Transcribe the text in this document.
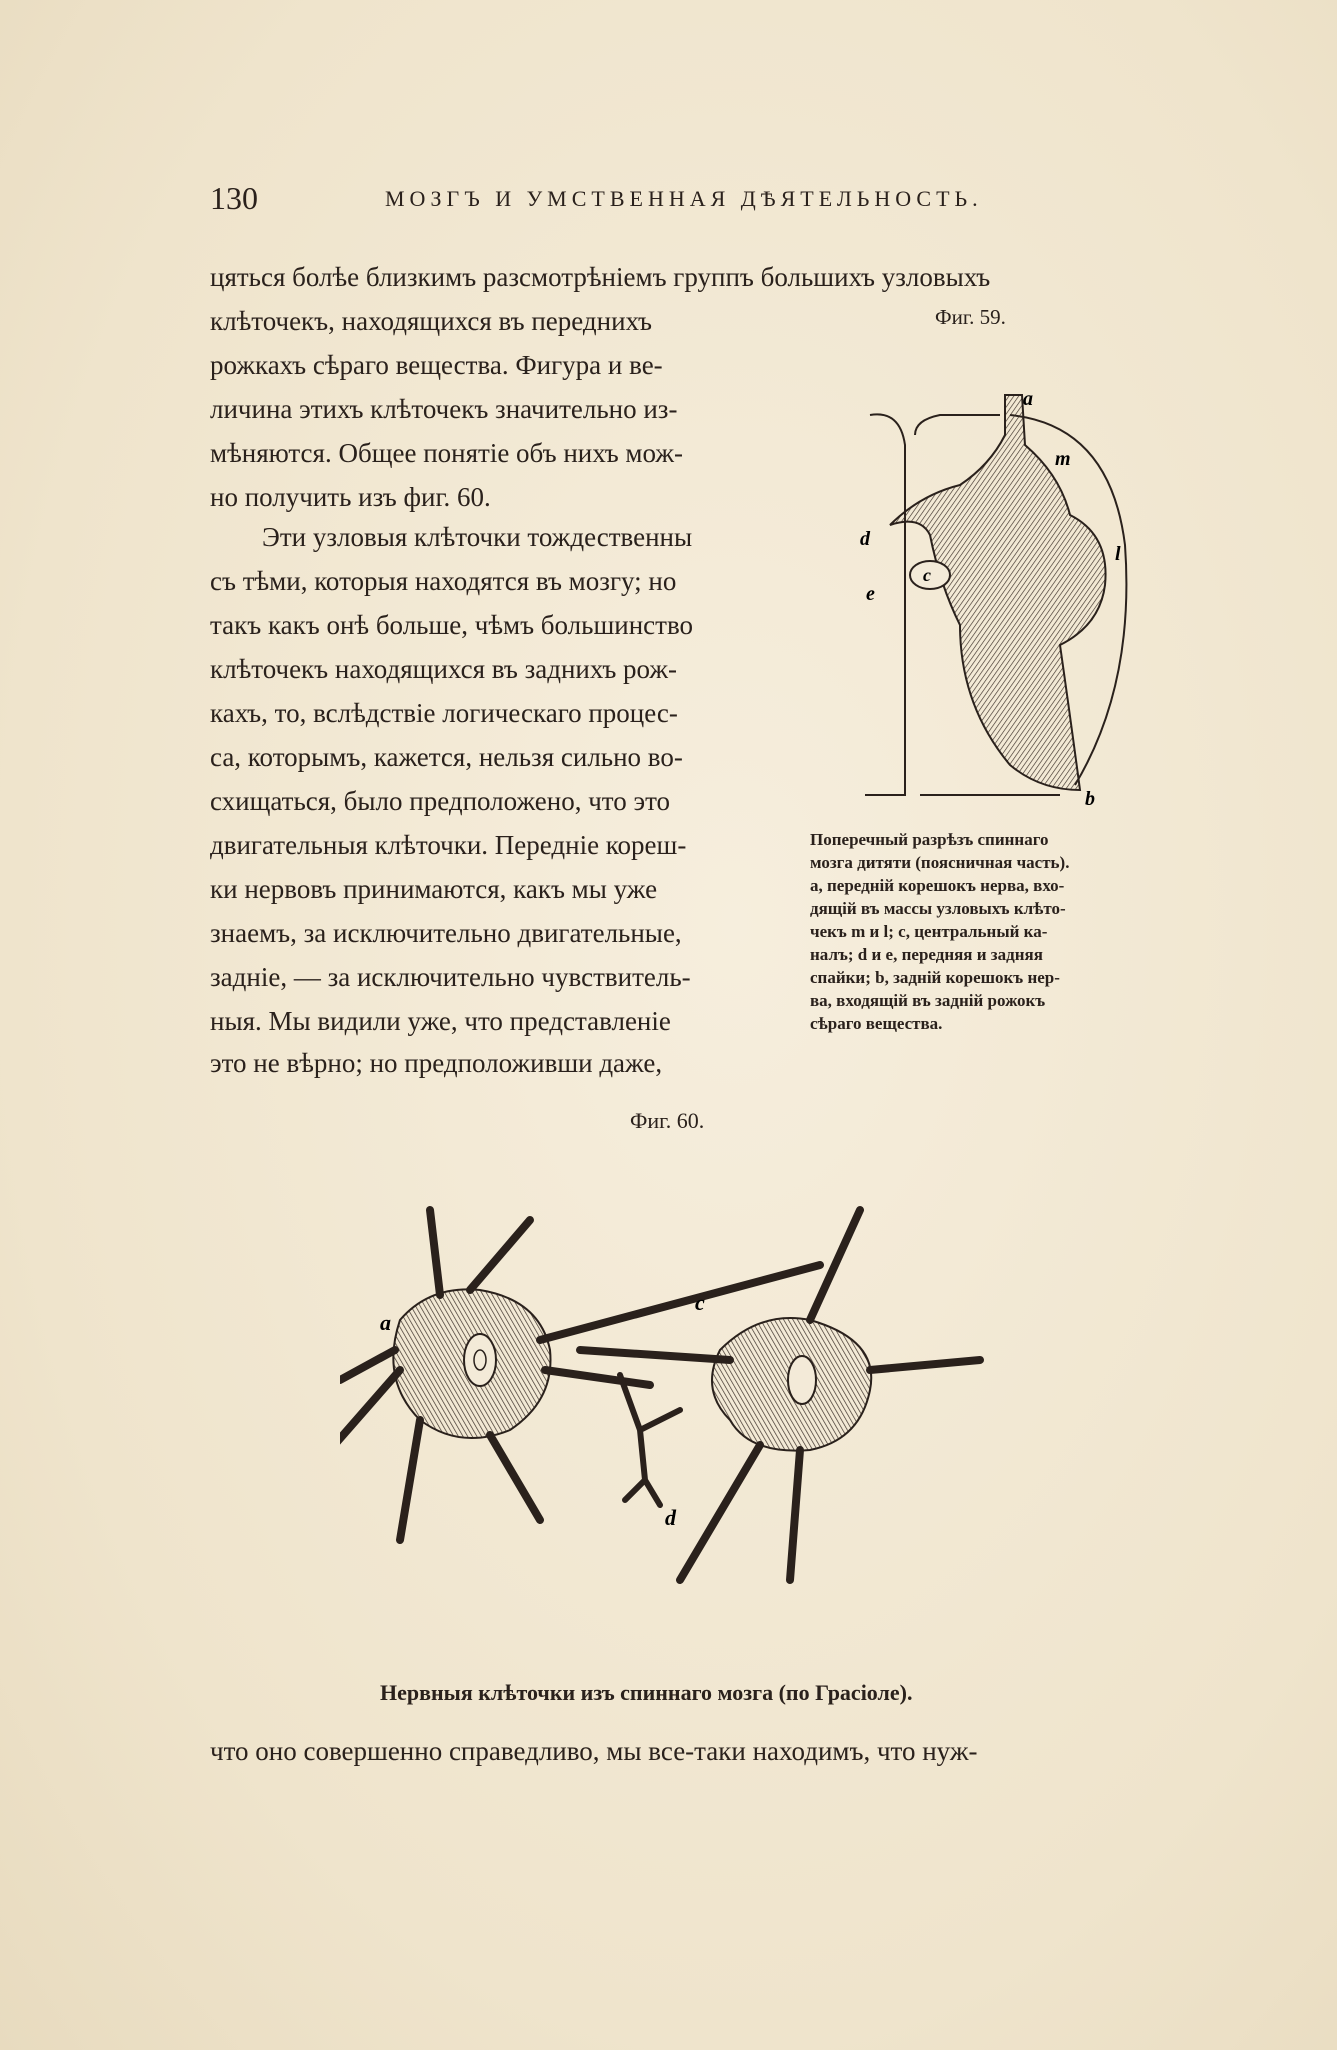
130	МОЗГЪ И УМСТВЕННАЯ ДѢЯТЕЛЬНОСТЬ.
цяться болѣе близкимъ разсмотрѣніемъ группъ большихъ узловыхъ
клѣточекъ, находящихся въ переднихъ
рожкахъ сѣраго вещества. Фигура и ве-
личина этихъ клѣточекъ значительно из-
мѣняются. Общее понятіе объ нихъ мож-
но получить изъ фиг. 60.
Эти узловыя клѣточки тождественны
съ тѣми, которыя находятся въ мозгу; но
такъ какъ онѣ больше, чѣмъ большинство
клѣточекъ находящихся въ заднихъ рож-
кахъ, то, вслѣдствіе логическаго процес-
са, которымъ, кажется, нельзя сильно во-
схищаться, было предположено, что это
двигательныя клѣточки. Передніе кореш-
ки нервовъ принимаются, какъ мы уже
знаемъ, за исключительно двигательные,
задніе, — за исключительно чувствитель-
ныя. Мы видили уже, что представленіе
это не вѣрно; но предположивши даже,
Фиг. 59.
a
m
l
c
d
e
b
Поперечный разрѣзъ спиннаго
мозга дитяти (поясничная часть).
a, передній корешокъ нерва, вхо-
дящій въ массы узловыхъ клѣто-
чекъ m и l; c, центральный ка-
налъ; d и e, передняя и задняя
спайки; b, задній корешокъ нер-
ва, входящій въ задній рожокъ
сѣраго вещества.
Фиг. 60.
a
c
d
Нервныя клѣточки изъ спиннаго мозга (по Грасіоле).
что оно совершенно справедливо, мы все-таки находимъ, что нуж-
